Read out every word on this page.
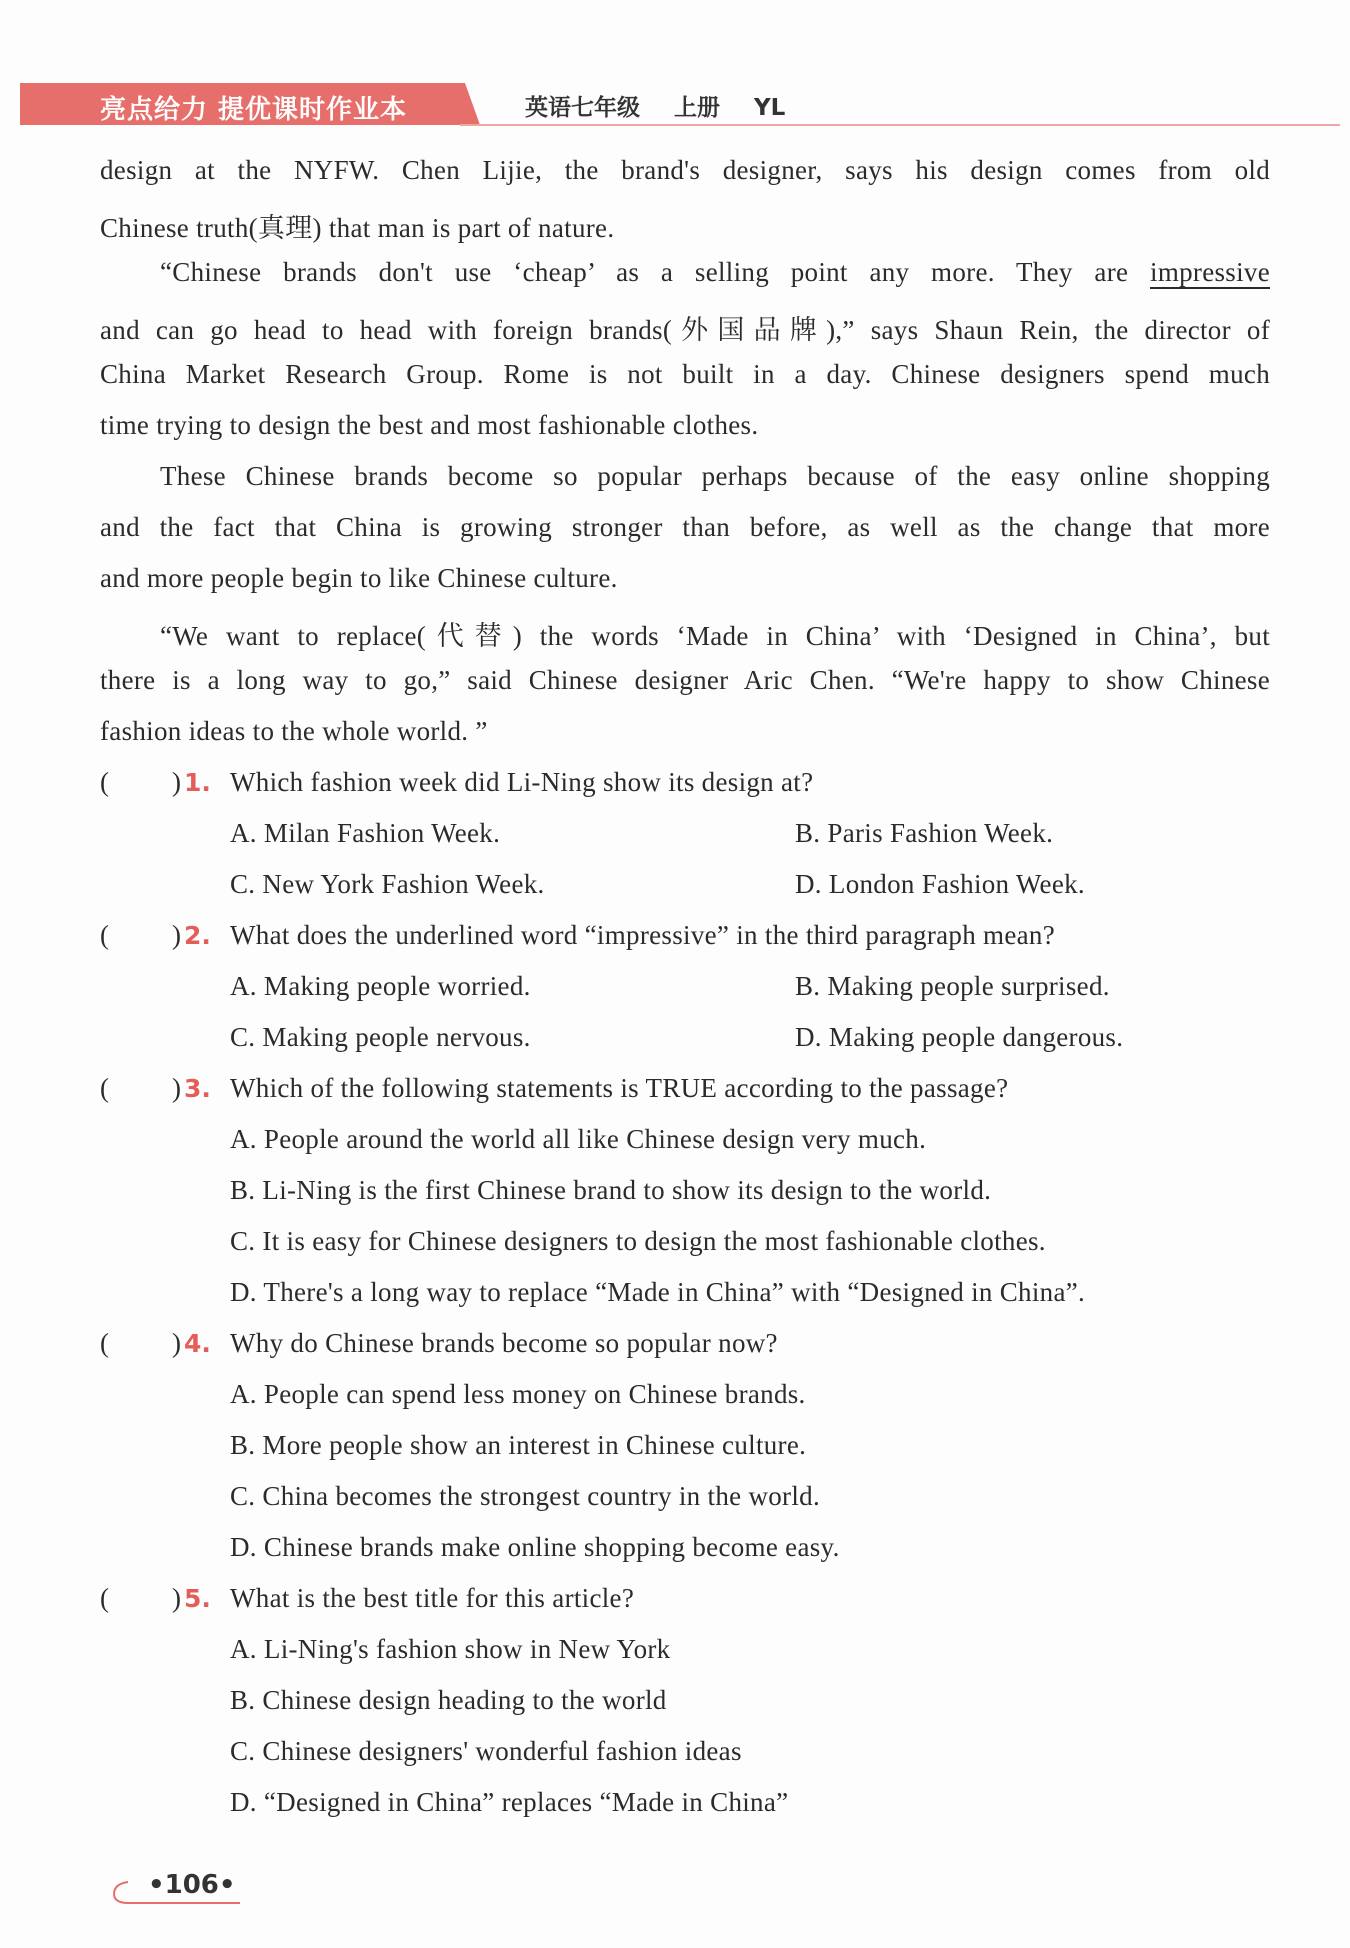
亮点给力 提优课时作业本	英语七年级 上册 YL
design at the NYFW. Chen Lijie, the brand's designer, says his design comes from old
Chinese truth(真理) that man is part of nature.
“Chinese brands don't use ‘cheap’ as a selling point any more. They are impressive
and can go head to head with foreign brands(外国品牌),” says Shaun Rein, the director of
China Market Research Group. Rome is not built in a day. Chinese designers spend much
time trying to design the best and most fashionable clothes.
These Chinese brands become so popular perhaps because of the easy online shopping
and the fact that China is growing stronger than before, as well as the change that more
and more people begin to like Chinese culture.
“We want to replace(代替) the words ‘Made in China’ with ‘Designed in China’, but
there is a long way to go,” said Chinese designer Aric Chen. “We're happy to show Chinese
fashion ideas to the whole world. ”
( ) 1. Which fashion week did Li-Ning show its design at?
A. Milan Fashion Week.	B. Paris Fashion Week.
C. New York Fashion Week.	D. London Fashion Week.
( ) 2. What does the underlined word “impressive” in the third paragraph mean?
A. Making people worried.	B. Making people surprised.
C. Making people nervous.	D. Making people dangerous.
( ) 3. Which of the following statements is TRUE according to the passage?
A. People around the world all like Chinese design very much.
B. Li-Ning is the first Chinese brand to show its design to the world.
C. It is easy for Chinese designers to design the most fashionable clothes.
D. There's a long way to replace “Made in China” with “Designed in China”.
( ) 4. Why do Chinese brands become so popular now?
A. People can spend less money on Chinese brands.
B. More people show an interest in Chinese culture.
C. China becomes the strongest country in the world.
D. Chinese brands make online shopping become easy.
( ) 5. What is the best title for this article?
A. Li-Ning's fashion show in New York
B. Chinese design heading to the world
C. Chinese designers' wonderful fashion ideas
D. “Designed in China” replaces “Made in China”
•106•
